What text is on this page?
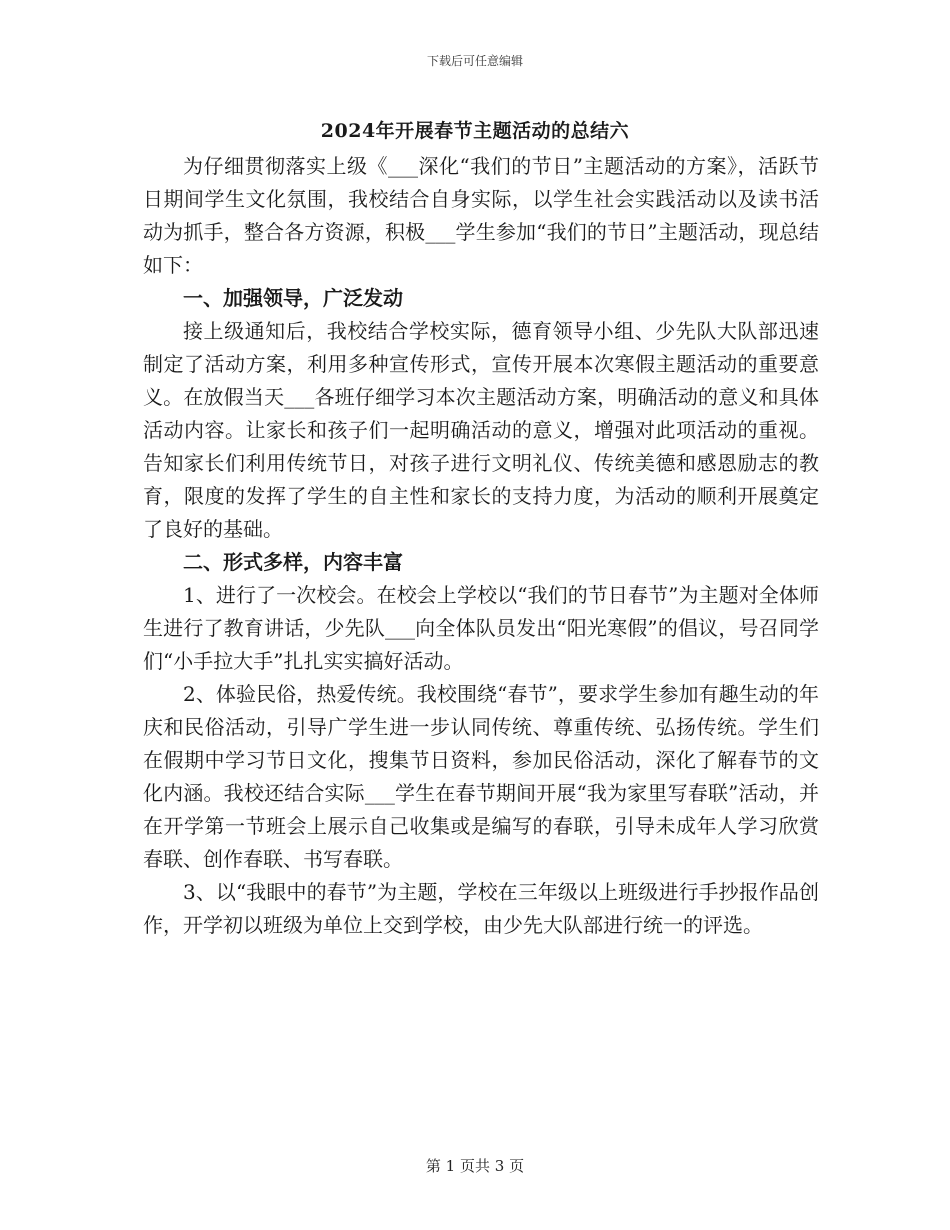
下载后可任意编辑
2024年开展春节主题活动的总结六

为仔细贯彻落实上级《___深化“我们的节日”主题活动的方案》，活跃节日期间学生文化氛围，我校结合自身实际，以学生社会实践活动以及读书活动为抓手，整合各方资源，积极___学生参加“我们的节日”主题活动，现总结如下：

一、加强领导，广泛发动

接上级通知后，我校结合学校实际，德育领导小组、少先队大队部迅速制定了活动方案，利用多种宣传形式，宣传开展本次寒假主题活动的重要意义。在放假当天___各班仔细学习本次主题活动方案，明确活动的意义和具体活动内容。让家长和孩子们一起明确活动的意义，增强对此项活动的重视。告知家长们利用传统节日，对孩子进行文明礼仪、传统美德和感恩励志的教育，限度的发挥了学生的自主性和家长的支持力度，为活动的顺利开展奠定了良好的基础。

二、形式多样，内容丰富

1、进行了一次校会。在校会上学校以“我们的节日春节”为主题对全体师生进行了教育讲话，少先队___向全体队员发出“阳光寒假”的倡议，号召同学们“小手拉大手”扎扎实实搞好活动。

2、体验民俗，热爱传统。我校围绕“春节”，要求学生参加有趣生动的年庆和民俗活动，引导广学生进一步认同传统、尊重传统、弘扬传统。学生们在假期中学习节日文化，搜集节日资料，参加民俗活动，深化了解春节的文化内涵。我校还结合实际___学生在春节期间开展“我为家里写春联”活动，并在开学第一节班会上展示自己收集或是编写的春联，引导未成年人学习欣赏春联、创作春联、书写春联。

3、以“我眼中的春节”为主题，学校在三年级以上班级进行手抄报作品创作，开学初以班级为单位上交到学校，由少先大队部进行统一的评选。

第 1 页共 3 页
